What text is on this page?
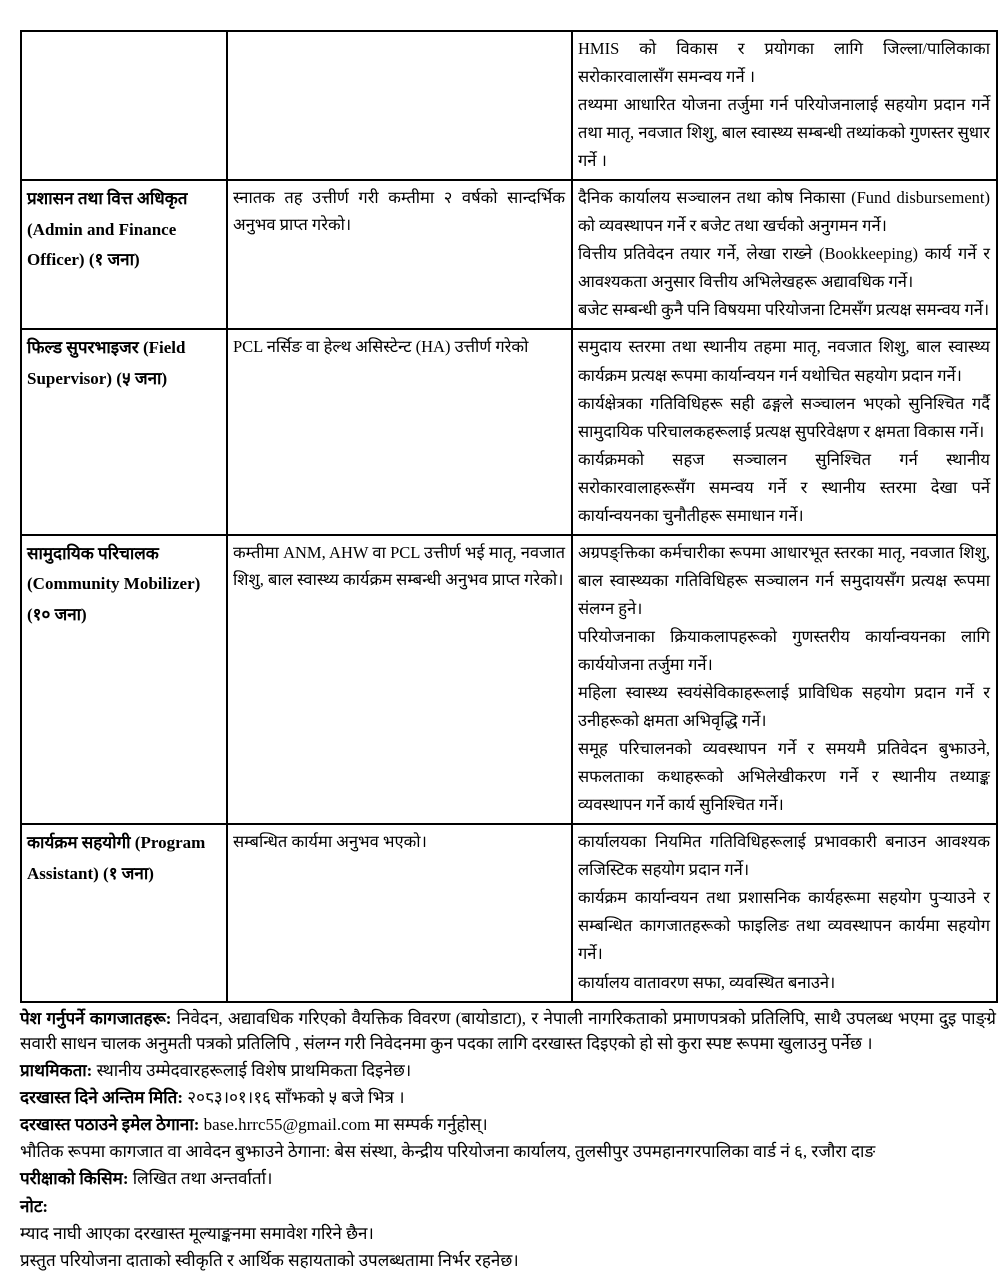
		HMIS को विकास र प्रयोगका लागि जिल्ला/पालिकाका सरोकारवालासँग समन्वय गर्ने ।

तथ्यमा आधारित योजना तर्जुमा गर्न परियोजनालाई सहयोग प्रदान गर्ने तथा मातृ, नवजात शिशु, बाल स्वास्थ्य सम्बन्धी तथ्यांकको गुणस्तर सुधार गर्ने ।

प्रशासन तथा वित्त अधिकृत (Admin and Finance Officer) (१ जना)	स्नातक तह उत्तीर्ण गरी कम्तीमा २ वर्षको सान्दर्भिक अनुभव प्राप्त गरेको।	दैनिक कार्यालय सञ्चालन तथा कोष निकासा (Fund disbursement) को व्यवस्थापन गर्ने र बजेट तथा खर्चको अनुगमन गर्ने।

वित्तीय प्रतिवेदन तयार गर्ने, लेखा राख्ने (Bookkeeping) कार्य गर्ने र आवश्यकता अनुसार वित्तीय अभिलेखहरू अद्यावधिक गर्ने।

बजेट सम्बन्धी कुनै पनि विषयमा परियोजना टिमसँग प्रत्यक्ष समन्वय गर्ने।

फिल्ड सुपरभाइजर (Field Supervisor) (५ जना)	PCL नर्सिङ वा हेल्थ असिस्टेन्ट (HA) उत्तीर्ण गरेको	समुदाय स्तरमा तथा स्थानीय तहमा मातृ, नवजात शिशु, बाल स्वास्थ्य कार्यक्रम प्रत्यक्ष रूपमा कार्यान्वयन गर्न यथोचित सहयोग प्रदान गर्ने।

कार्यक्षेत्रका गतिविधिहरू सही ढङ्गले सञ्चालन भएको सुनिश्चित गर्दै सामुदायिक परिचालकहरूलाई प्रत्यक्ष सुपरिवेक्षण र क्षमता विकास गर्ने।

कार्यक्रमको सहज सञ्चालन सुनिश्चित गर्न स्थानीय सरोकारवालाहरूसँग समन्वय गर्ने र स्थानीय स्तरमा देखा पर्ने कार्यान्वयनका चुनौतीहरू समाधान गर्ने।

सामुदायिक परिचालक (Community Mobilizer) (१० जना)	कम्तीमा ANM, AHW वा PCL उत्तीर्ण भई मातृ, नवजात शिशु, बाल स्वास्थ्य कार्यक्रम सम्बन्धी अनुभव प्राप्त गरेको।	अग्रपङ्क्तिका कर्मचारीका रूपमा आधारभूत स्तरका मातृ, नवजात शिशु, बाल स्वास्थ्यका गतिविधिहरू सञ्चालन गर्न समुदायसँग प्रत्यक्ष रूपमा संलग्न हुने।

परियोजनाका क्रियाकलापहरूको गुणस्तरीय कार्यान्वयनका लागि कार्ययोजना तर्जुमा गर्ने।

महिला स्वास्थ्य स्वयंसेविकाहरूलाई प्राविधिक सहयोग प्रदान गर्ने र उनीहरूको क्षमता अभिवृद्धि गर्ने।

समूह परिचालनको व्यवस्थापन गर्ने र समयमै प्रतिवेदन बुझाउने, सफलताका कथाहरूको अभिलेखीकरण गर्ने र स्थानीय तथ्याङ्क व्यवस्थापन गर्ने कार्य सुनिश्चित गर्ने।

कार्यक्रम सहयोगी (Program Assistant) (१ जना)	सम्बन्धित कार्यमा अनुभव भएको।	कार्यालयका नियमित गतिविधिहरूलाई प्रभावकारी बनाउन आवश्यक लजिस्टिक सहयोग प्रदान गर्ने।

कार्यक्रम कार्यान्वयन तथा प्रशासनिक कार्यहरूमा सहयोग पुऱ्याउने र सम्बन्धित कागजातहरूको फाइलिङ तथा व्यवस्थापन कार्यमा सहयोग गर्ने।

कार्यालय वातावरण सफा, व्यवस्थित बनाउने।

पेश गर्नुपर्ने कागजातहरू: निवेदन, अद्यावधिक गरिएको वैयक्तिक विवरण (बायोडाटा), र नेपाली नागरिकताको प्रमाणपत्रको प्रतिलिपि, साथै उपलब्ध भएमा दुइ पाङ्ग्रे सवारी साधन चालक अनुमती पत्रको प्रतिलिपि , संलग्न गरी निवेदनमा कुन पदका लागि दरखास्त दिइएको हो सो कुरा स्पष्ट रूपमा खुलाउनु पर्नेछ ।

प्राथमिकता: स्थानीय उम्मेदवारहरूलाई विशेष प्राथमिकता दिइनेछ।

दरखास्त दिने अन्तिम मिति: २०८३।०१।१६ साँझको ५ बजे भित्र ।

दरखास्त पठाउने इमेल ठेगाना: base.hrrc55@gmail.com मा सम्पर्क गर्नुहोस्।

भौतिक रूपमा कागजात वा आवेदन बुझाउने ठेगाना: बेस संस्था, केन्द्रीय परियोजना कार्यालय, तुलसीपुर उपमहानगरपालिका वार्ड नं ६, रजौरा दाङ

परीक्षाको किसिम: लिखित तथा अन्तर्वार्ता।

नोट:

म्याद नाघी आएका दरखास्त मूल्याङ्कनमा समावेश गरिने छैन।

प्रस्तुत परियोजना दाताको स्वीकृति र आर्थिक सहायताको उपलब्धतामा निर्भर रहनेछ।
